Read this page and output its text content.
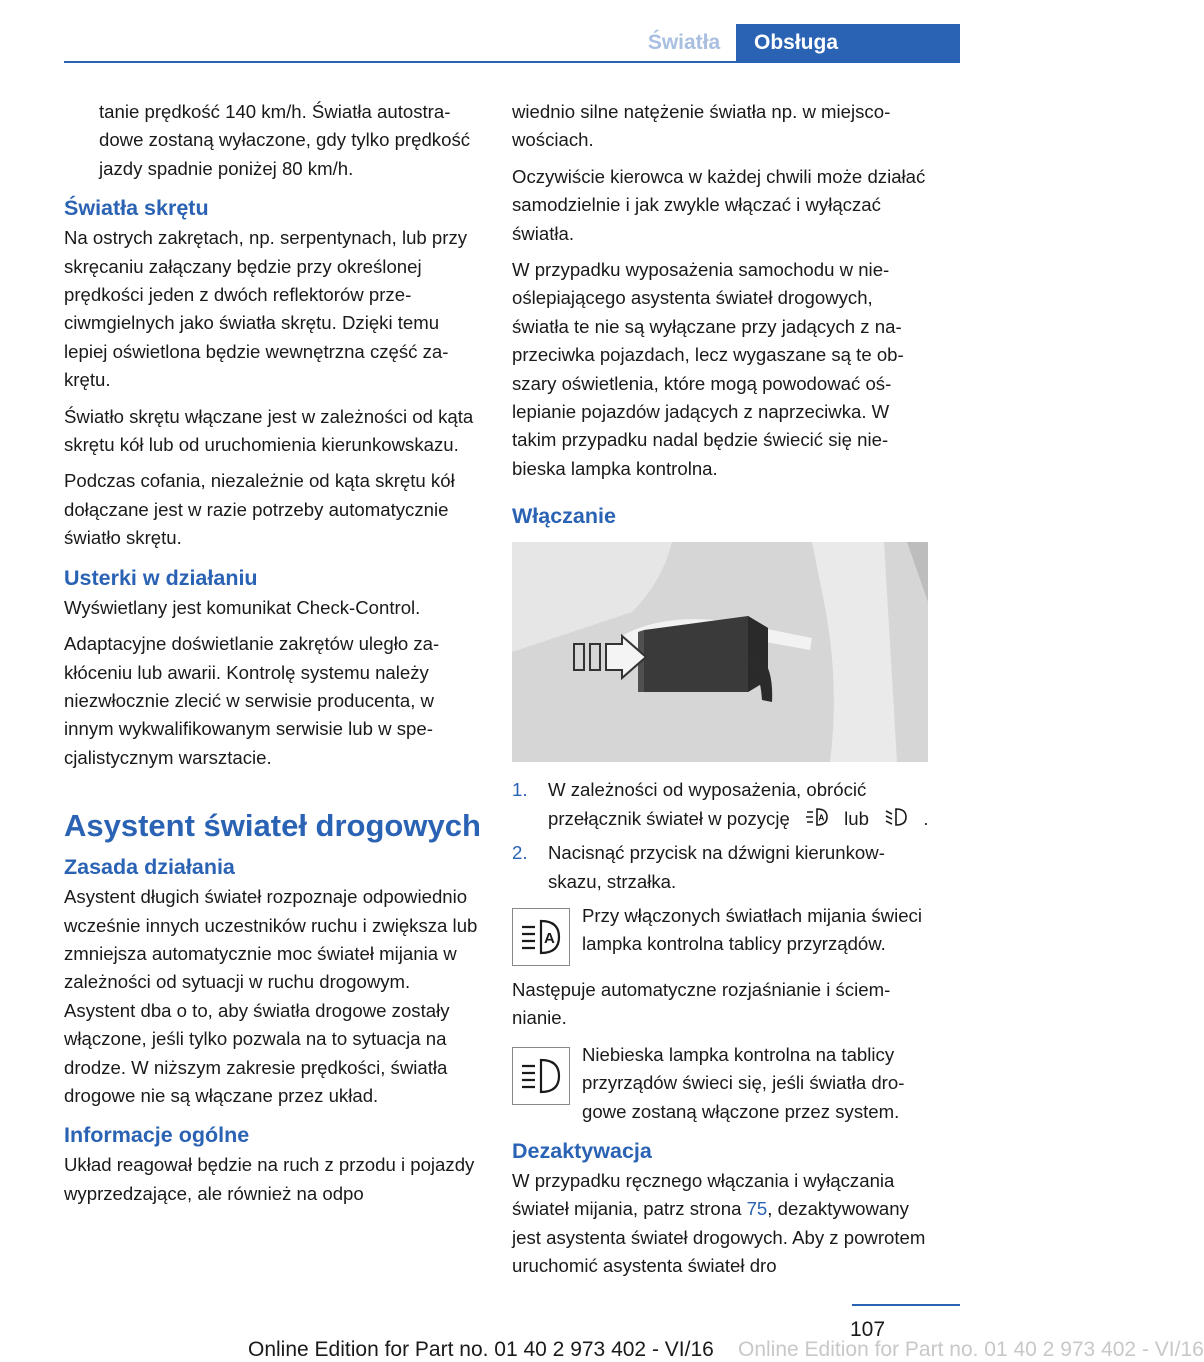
Światła	Obsługa

tanie prędkość 140 km/h. Światła autostradowe zostaną wyłaczone, gdy tylko prędkość jazdy spadnie poniżej 80 km/h.

Światła skrętu

Na ostrych zakrętach, np. serpentynach, lub przy skręcaniu załączany będzie przy określonej prędkości jeden z dwóch reflektorów przeciwmgielnych jako światła skrętu. Dzięki temu lepiej oświetlona będzie wewnętrzna część zakrętu.

Światło skrętu włączane jest w zależności od kąta skrętu kół lub od uruchomienia kierunkowskazu.

Podczas cofania, niezależnie od kąta skrętu kół dołączane jest w razie potrzeby automatycznie światło skrętu.

Usterki w działaniu

Wyświetlany jest komunikat Check-Control.

Adaptacyjne doświetlanie zakrętów uległo zakłóceniu lub awarii. Kontrolę systemu należy niezwłocznie zlecić w serwisie producenta, w innym wykwalifikowanym serwisie lub w specjalistycznym warsztacie.

Asystent świateł drogowych
Zasada działania

Asystent długich świateł rozpoznaje odpowiednio wcześnie innych uczestników ruchu i zwiększa lub zmniejsza automatycznie moc świateł mijania w zależności od sytuacji w ruchu drogowym. Asystent dba o to, aby światła drogowe zostały włączone, jeśli tylko pozwala na to sytuacja na drodze. W niższym zakresie prędkości, światła drogowe nie są włączane przez układ.

Informacje ogólne

Układ reagował będzie na ruch z przodu i pojazdy wyprzedzające, ale również na odpo

wiednio silne natężenie światła np. w miejscowościach.

Oczywiście kierowca w każdej chwili może działać samodzielnie i jak zwykle włączać i wyłączać światła.

W przypadku wyposażenia samochodu w nieoślepiającego asystenta świateł drogowych, światła te nie są wyłączane przy jadących z naprzeciwka pojazdach, lecz wygaszane są te obszary oświetlenia, które mogą powodować oślepianie pojazdów jadących z naprzeciwka. W takim przypadku nadal będzie świecić się niebieska lampka kontrolna.

Włączanie
1. W zależności od wyposażenia, obrócić przełącznik świateł w pozycję	A lub	.
2. Nacisnąć przycisk na dźwigni kierunkowskazu, strzałka.
A

Przy włączonych światłach mijania świeci lampka kontrolna tablicy przyrządów.

Następuje automatyczne rozjaśnianie i ściemnianie.

Niebieska lampka kontrolna na tablicy przyrządów świeci się, jeśli światła drogowe zostaną włączone przez system.

Dezaktywacja

W przypadku ręcznego włączania i wyłączania świateł mijania, patrz strona 75, dezaktywowany jest asystenta świateł drogowych. Aby z powrotem uruchomić asystenta świateł dro

107
Online Edition for Part no. 01 40 2 973 402 - VI/16 Online Edition for Part no. 01 40 2 973 402 - VI/16
